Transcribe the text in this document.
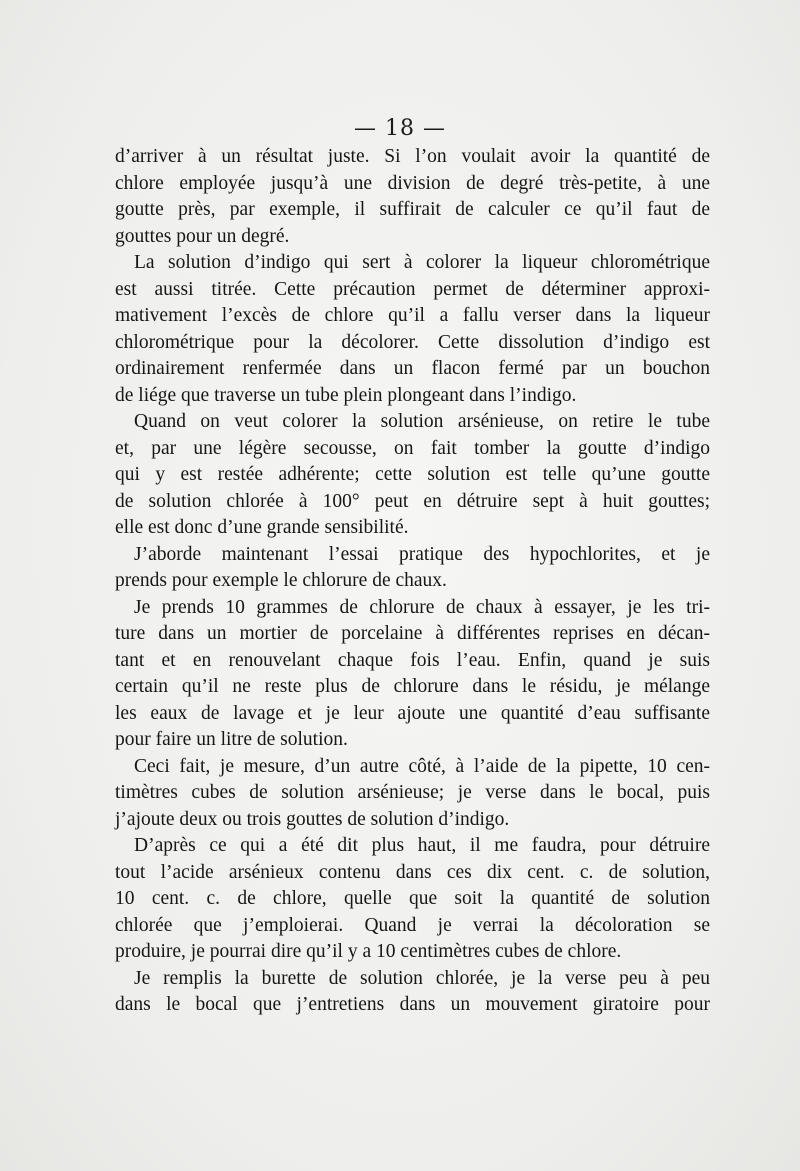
— 18 —
d’arriver à un résultat juste. Si l’on voulait avoir la quantité de
chlore employée jusqu’à une division de degré très-petite, à une
goutte près, par exemple, il suffirait de calculer ce qu’il faut de
gouttes pour un degré.
La solution d’indigo qui sert à colorer la liqueur chlorométrique
est aussi titrée. Cette précaution permet de déterminer approxi-
mativement l’excès de chlore qu’il a fallu verser dans la liqueur
chlorométrique pour la décolorer. Cette dissolution d’indigo est
ordinairement renfermée dans un flacon fermé par un bouchon
de liége que traverse un tube plein plongeant dans l’indigo.
Quand on veut colorer la solution arsénieuse, on retire le tube
et, par une légère secousse, on fait tomber la goutte d’indigo
qui y est restée adhérente; cette solution est telle qu’une goutte
de solution chlorée à 100° peut en détruire sept à huit gouttes;
elle est donc d’une grande sensibilité.
J’aborde maintenant l’essai pratique des hypochlorites, et je
prends pour exemple le chlorure de chaux.
Je prends 10 grammes de chlorure de chaux à essayer, je les tri-
ture dans un mortier de porcelaine à différentes reprises en décan-
tant et en renouvelant chaque fois l’eau. Enfin, quand je suis
certain qu’il ne reste plus de chlorure dans le résidu, je mélange
les eaux de lavage et je leur ajoute une quantité d’eau suffisante
pour faire un litre de solution.
Ceci fait, je mesure, d’un autre côté, à l’aide de la pipette, 10 cen-
timètres cubes de solution arsénieuse; je verse dans le bocal, puis
j’ajoute deux ou trois gouttes de solution d’indigo.
D’après ce qui a été dit plus haut, il me faudra, pour détruire
tout l’acide arsénieux contenu dans ces dix cent. c. de solution,
10 cent. c. de chlore, quelle que soit la quantité de solution
chlorée que j’emploierai. Quand je verrai la décoloration se
produire, je pourrai dire qu’il y a 10 centimètres cubes de chlore.
Je remplis la burette de solution chlorée, je la verse peu à peu
dans le bocal que j’entretiens dans un mouvement giratoire pour
